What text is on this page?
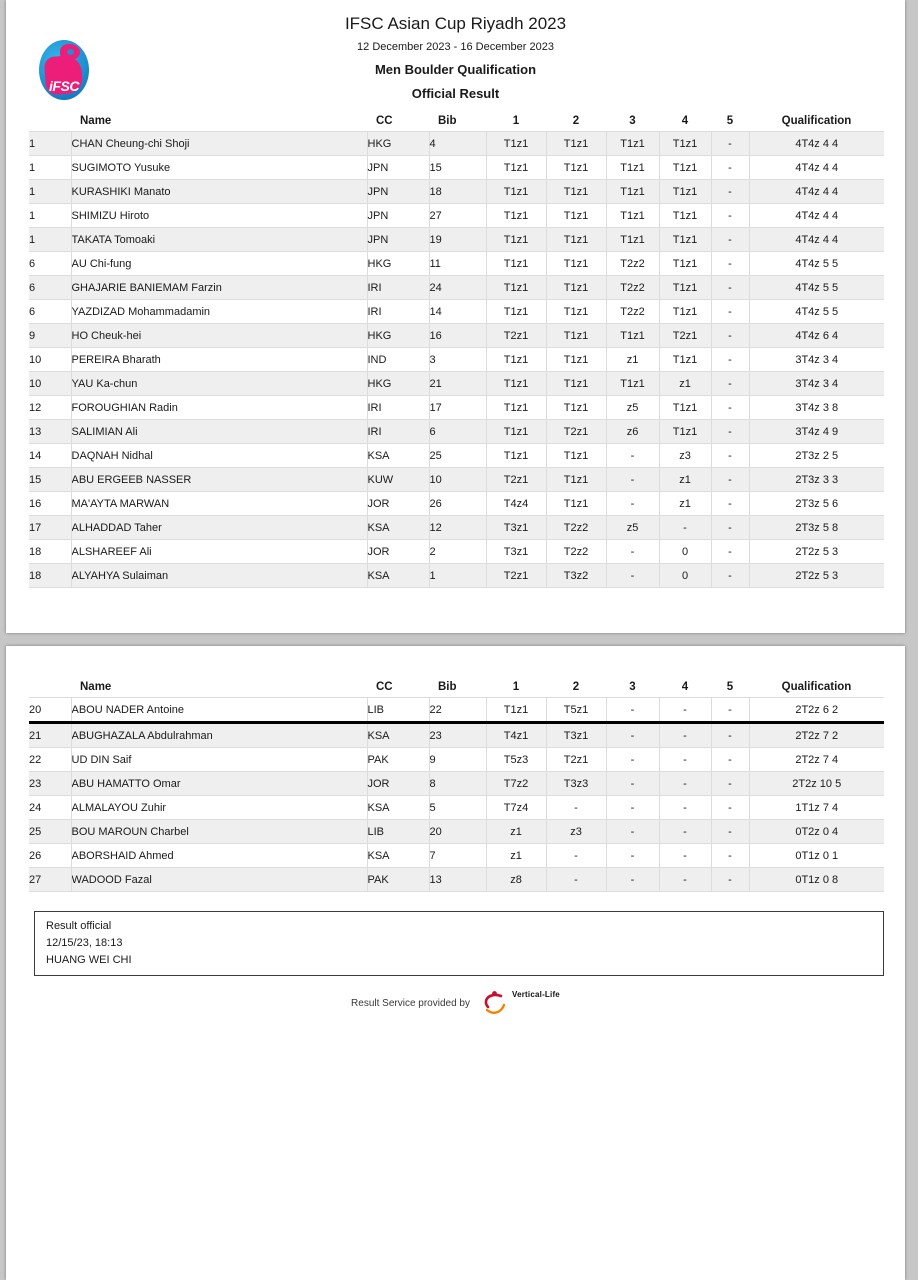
iFSC
IFSC Asian Cup Riyadh 2023
12 December 2023 - 16 December 2023
Men Boulder Qualification
Official Result
	Name	CC	Bib	1	2	3	4	5	Qualification
1	CHAN Cheung-chi Shoji	HKG	4	T1z1	T1z1	T1z1	T1z1	-	4T4z 4 4
1	SUGIMOTO Yusuke	JPN	15	T1z1	T1z1	T1z1	T1z1	-	4T4z 4 4
1	KURASHIKI Manato	JPN	18	T1z1	T1z1	T1z1	T1z1	-	4T4z 4 4
1	SHIMIZU Hiroto	JPN	27	T1z1	T1z1	T1z1	T1z1	-	4T4z 4 4
1	TAKATA Tomoaki	JPN	19	T1z1	T1z1	T1z1	T1z1	-	4T4z 4 4
6	AU Chi-fung	HKG	11	T1z1	T1z1	T2z2	T1z1	-	4T4z 5 5
6	GHAJARIE BANIEMAM Farzin	IRI	24	T1z1	T1z1	T2z2	T1z1	-	4T4z 5 5
6	YAZDIZAD Mohammadamin	IRI	14	T1z1	T1z1	T2z2	T1z1	-	4T4z 5 5
9	HO Cheuk-hei	HKG	16	T2z1	T1z1	T1z1	T2z1	-	4T4z 6 4
10	PEREIRA Bharath	IND	3	T1z1	T1z1	z1	T1z1	-	3T4z 3 4
10	YAU Ka-chun	HKG	21	T1z1	T1z1	T1z1	z1	-	3T4z 3 4
12	FOROUGHIAN Radin	IRI	17	T1z1	T1z1	z5	T1z1	-	3T4z 3 8
13	SALIMIAN Ali	IRI	6	T1z1	T2z1	z6	T1z1	-	3T4z 4 9
14	DAQNAH Nidhal	KSA	25	T1z1	T1z1	-	z3	-	2T3z 2 5
15	ABU ERGEEB NASSER	KUW	10	T2z1	T1z1	-	z1	-	2T3z 3 3
16	MA'AYTA MARWAN	JOR	26	T4z4	T1z1	-	z1	-	2T3z 5 6
17	ALHADDAD Taher	KSA	12	T3z1	T2z2	z5	-	-	2T3z 5 8
18	ALSHAREEF Ali	JOR	2	T3z1	T2z2	-	0	-	2T2z 5 3
18	ALYAHYA Sulaiman	KSA	1	T2z1	T3z2	-	0	-	2T2z 5 3
	Name	CC	Bib	1	2	3	4	5	Qualification
20	ABOU NADER Antoine	LIB	22	T1z1	T5z1	-	-	-	2T2z 6 2
21	ABUGHAZALA Abdulrahman	KSA	23	T4z1	T3z1	-	-	-	2T2z 7 2
22	UD DIN Saif	PAK	9	T5z3	T2z1	-	-	-	2T2z 7 4
23	ABU HAMATTO Omar	JOR	8	T7z2	T3z3	-	-	-	2T2z 10 5
24	ALMALAYOU Zuhir	KSA	5	T7z4	-	-	-	-	1T1z 7 4
25	BOU MAROUN Charbel	LIB	20	z1	z3	-	-	-	0T2z 0 4
26	ABORSHAID Ahmed	KSA	7	z1	-	-	-	-	0T1z 0 1
27	WADOOD Fazal	PAK	13	z8	-	-	-	-	0T1z 0 8
Result official
12/15/23, 18:13
HUANG WEI CHI
Result Service provided by
Vertical-Life
